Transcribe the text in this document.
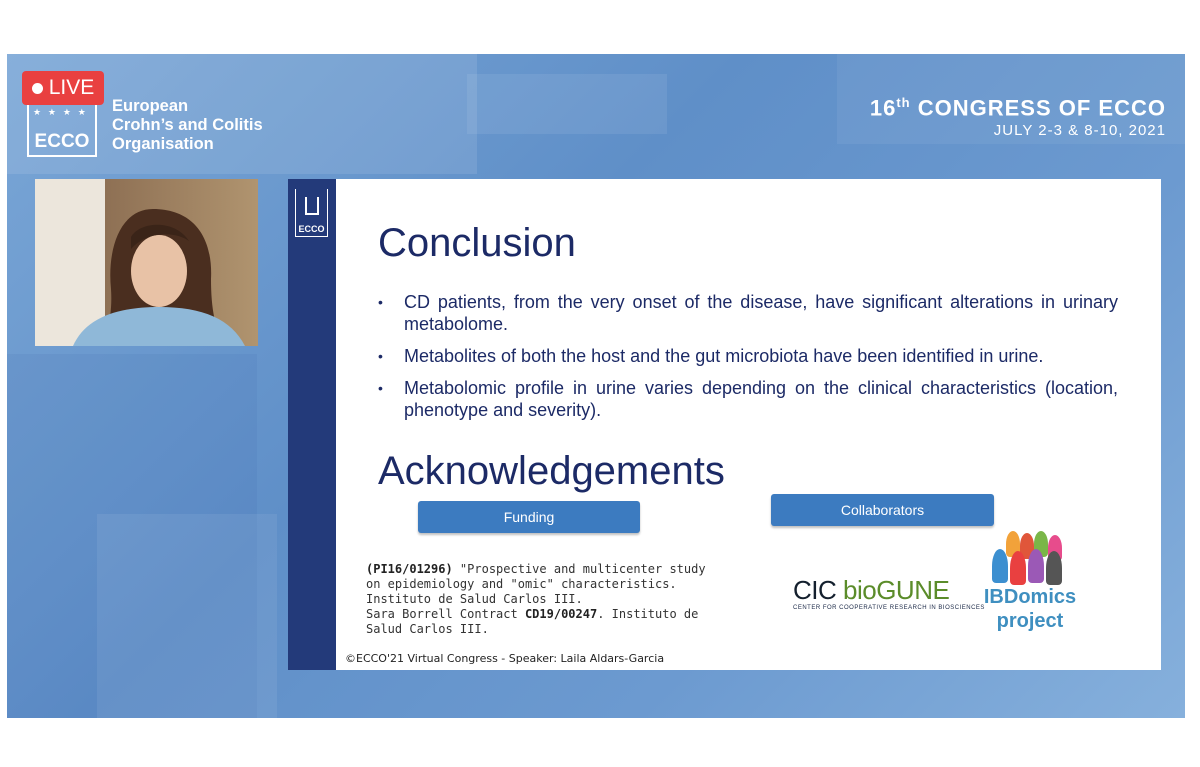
LIVE
★ ★ ★ ★
ECCO
European
Crohn’s and Colitis
Organisation
16th CONGRESS OF ECCO
JULY 2-3 & 8-10, 2021
ECCO Conclusion
• CD patients, from the very onset of the disease, have significant alterations in urinary metabolome.
• Metabolites of both the host and the gut microbiota have been identified in urine.
• Metabolomic profile in urine varies depending on the clinical characteristics (location, phenotype and severity).
Acknowledgements
Funding	Collaborators
(PI16/01296) "Prospective and multicenter study on epidemiology and "omic" characteristics. Instituto de Salud Carlos III.
Sara Borrell Contract CD19/00247. Instituto de Salud Carlos III.
©ECCO'21 Virtual Congress - Speaker: Laila Aldars-Garcia
CIC bioGUNE
CENTER FOR COOPERATIVE RESEARCH IN BIOSCIENCES
IBDomics
project
